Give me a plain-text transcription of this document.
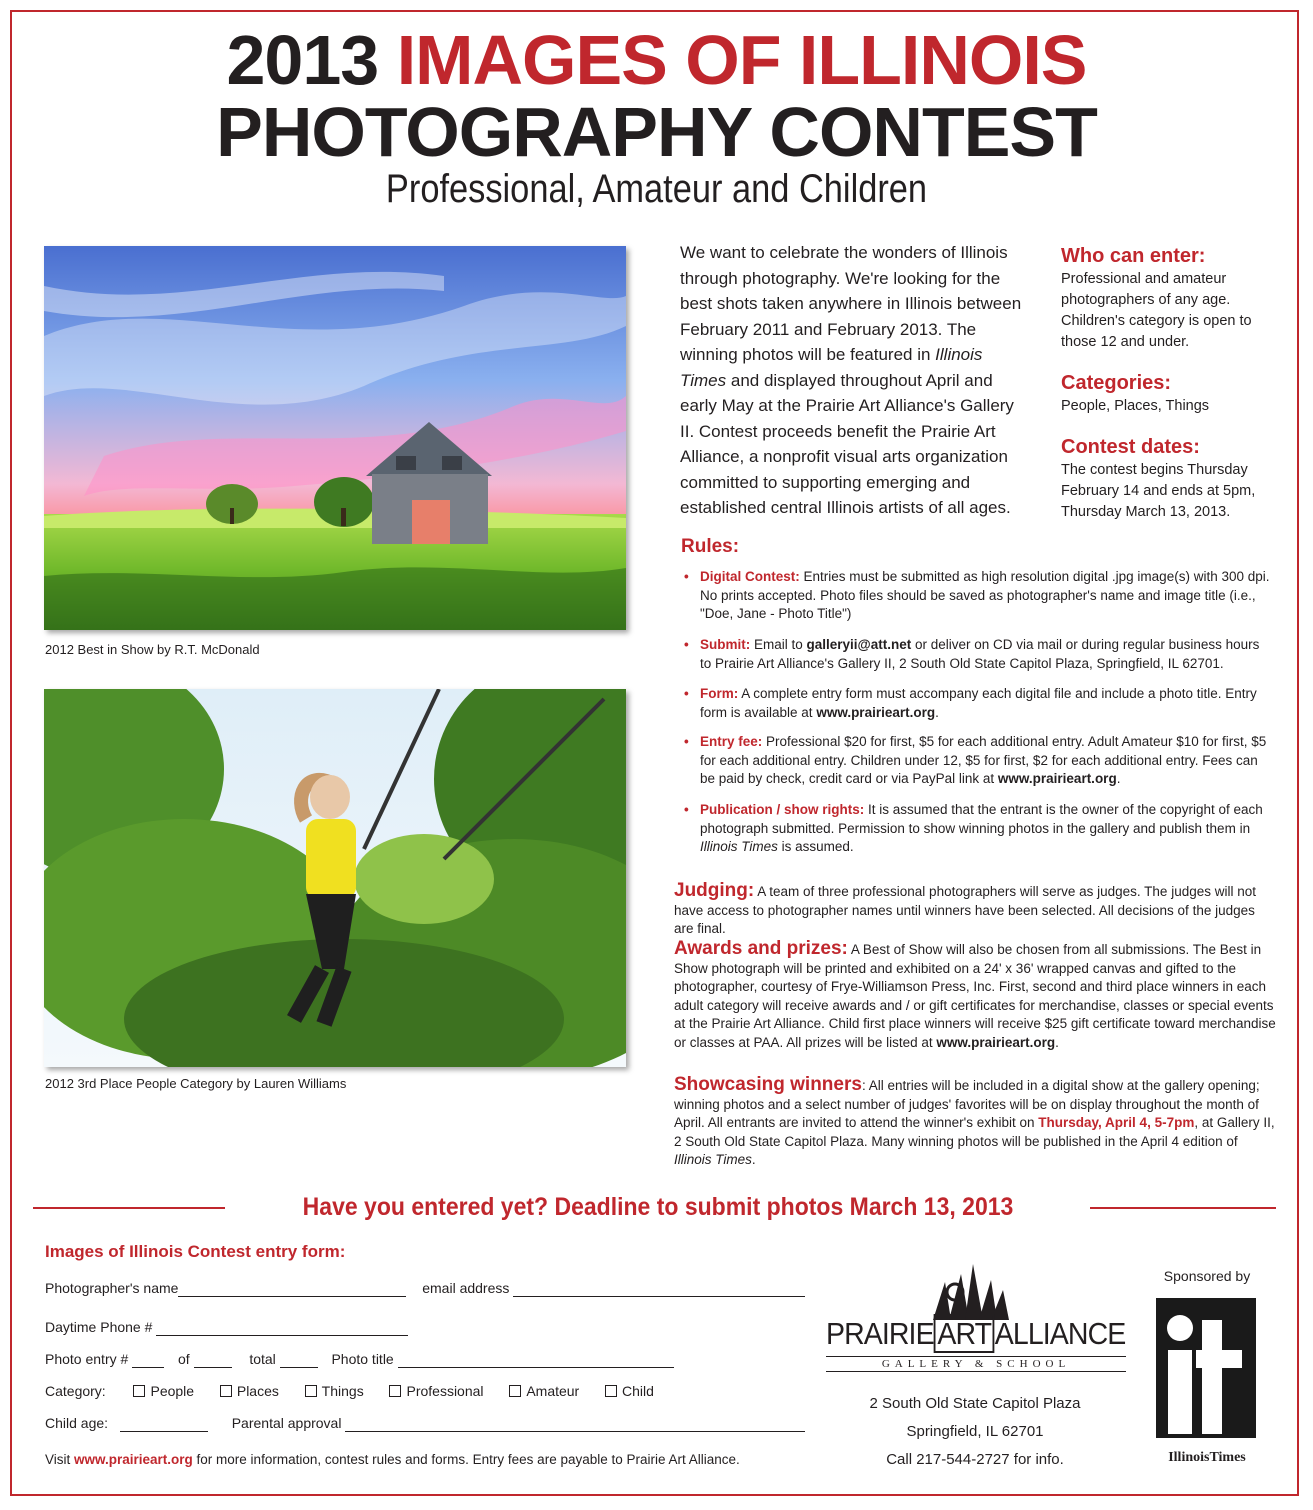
2013 IMAGES OF ILLINOIS
PHOTOGRAPHY CONTEST
Professional, Amateur and Children
2012 Best in Show by R.T. McDonald
2012 3rd Place People Category by Lauren Williams
We want to celebrate the wonders of Illinois through photography. We're looking for the best shots taken anywhere in Illinois between February 2011 and February 2013. The winning photos will be featured in Illinois Times and displayed throughout April and early May at the Prairie Art Alliance's Gallery II. Contest proceeds benefit the Prairie Art Alliance, a nonprofit visual arts organization committed to supporting emerging and established central Illinois artists of all ages.
Who can enter:

Professional and amateur photographers of any age. Children's category is open to those 12 and under.

Categories:

People, Places, Things

Contest dates:

The contest begins Thursday February 14 and ends at 5pm, Thursday March 13, 2013.

Rules:
• Digital Contest: Entries must be submitted as high resolution digital .jpg image(s) with 300 dpi. No prints accepted. Photo files should be saved as photographer's name and image title (i.e., "Doe, Jane - Photo Title")
• Submit: Email to galleryii@att.net or deliver on CD via mail or during regular business hours to Prairie Art Alliance's Gallery II, 2 South Old State Capitol Plaza, Springfield, IL 62701.
• Form: A complete entry form must accompany each digital file and include a photo title. Entry form is available at www.prairieart.org.
• Entry fee: Professional $20 for first, $5 for each additional entry. Adult Amateur $10 for first, $5 for each additional entry. Children under 12, $5 for first, $2 for each additional entry. Fees can be paid by check, credit card or via PayPal link at www.prairieart.org.
• Publication / show rights: It is assumed that the entrant is the owner of the copyright of each photograph submitted. Permission to show winning photos in the gallery and publish them in Illinois Times is assumed.
Judging: A team of three professional photographers will serve as judges. The judges will not have access to photographer names until winners have been selected. All decisions of the judges are final.
Awards and prizes: A Best of Show will also be chosen from all submissions. The Best in Show photograph will be printed and exhibited on a 24' x 36' wrapped canvas and gifted to the photographer, courtesy of Frye-Williamson Press, Inc. First, second and third place winners in each adult category will receive awards and / or gift certificates for merchandise, classes or special events at the Prairie Art Alliance. Child first place winners will receive $25 gift certificate toward merchandise or classes at PAA. All prizes will be listed at www.prairieart.org.
Showcasing winners: All entries will be included in a digital show at the gallery opening; winning photos and a select number of judges' favorites will be on display throughout the month of April. All entrants are invited to attend the winner's exhibit on Thursday, April 4, 5-7pm, at Gallery II, 2 South Old State Capitol Plaza. Many winning photos will be published in the April 4 edition of Illinois Times.
Have you entered yet? Deadline to submit photos March 13, 2013
Images of Illinois Contest entry form:
Photographer's name	email address
Daytime Phone #
Photo entry #	of	total	Photo title
Category:	People	Places	Things	Professional	Amateur	Child
Child age:	Parental approval
Visit www.prairieart.org for more information, contest rules and forms. Entry fees are payable to Prairie Art Alliance.
PRAIRIE ART ALLIANCE
GALLERY & SCHOOL
2 South Old State Capitol Plaza
Springfield, IL 62701
Call 217-544-2727 for info.
Sponsored by
IllinoisTimes
